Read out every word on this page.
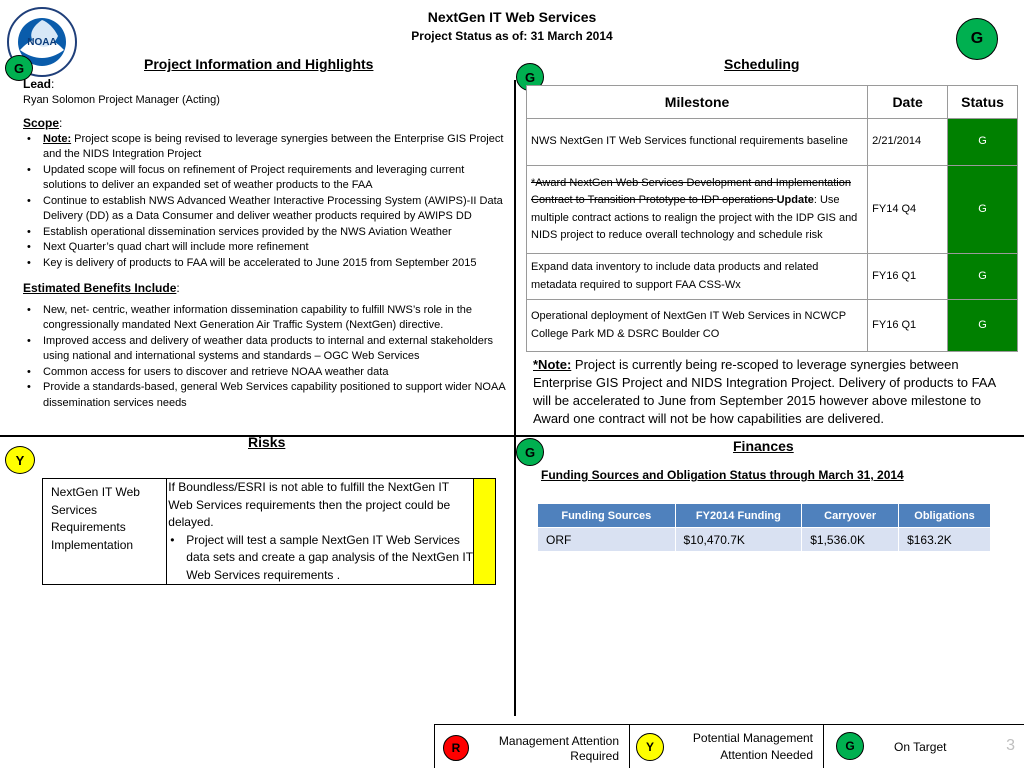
NOAA
NextGen IT Web Services
Project Status as of: 31 March 2014	G
G	Project Information and Highlights
Lead:
Ryan Solomon Project Manager (Acting)
Scope:
• Note: Project scope is being revised to leverage synergies between the Enterprise GIS Project and the NIDS Integration Project
• Updated scope will focus on refinement of Project requirements and leveraging current solutions to deliver an expanded set of weather products to the FAA
• Continue to establish NWS Advanced Weather Interactive Processing System (AWIPS)-II Data Delivery (DD) as a Data Consumer and deliver weather products required by AWIPS DD
• Establish operational dissemination services provided by the NWS Aviation Weather
• Next Quarter’s quad chart will include more refinement
• Key is delivery of products to FAA will be accelerated to June 2015 from September 2015
Estimated Benefits Include:
• New, net- centric, weather information dissemination capability to fulfill NWS’s role in the congressionally mandated Next Generation Air Traffic System (NextGen) directive.
• Improved access and delivery of weather data products to internal and external stakeholders using national and international systems and standards – OGC Web Services
• Common access for users to discover and retrieve NOAA weather data
• Provide a standards-based, general Web Services capability positioned to support wider NOAA dissemination services needs
G
Scheduling
Milestone	Date	Status
NWS NextGen IT Web Services functional requirements baseline	2/21/2014	G
*Award NextGen Web Services Development and Implementation Contract to Transition Prototype to IDP operations Update: Use multiple contract actions to realign the project with the IDP GIS and NIDS project to reduce overall technology and schedule risk	FY14 Q4	G
Expand data inventory to include data products and related metadata required to support FAA CSS-Wx	FY16 Q1	G
Operational deployment of NextGen IT Web Services in NCWCP College Park MD & DSRC Boulder CO	FY16 Q1	G
*Note: Project is currently being re-scoped to leverage synergies between Enterprise GIS Project and NIDS Integration Project. Delivery of products to FAA will be accelerated to June from September 2015 however above milestone to Award one contract will not be how capabilities are delivered.
Y
Risks
NextGen IT Web Services Requirements Implementation	
If Boundless/ESRI is not able to fulfill the NextGen IT Web Services requirements then the project could be delayed.
• Project will test a sample NextGen IT Web Services data sets and create a gap analysis of the NextGen IT Web Services requirements .

G	Finances
Funding Sources and Obligation Status through March 31, 2014
Funding Sources	FY2014 Funding	Carryover	Obligations
ORF	$10,470.7K	$1,536.0K	$163.2K
R	Management Attention
Required
Y
Potential Management
Attention Needed
G	On Target	3
